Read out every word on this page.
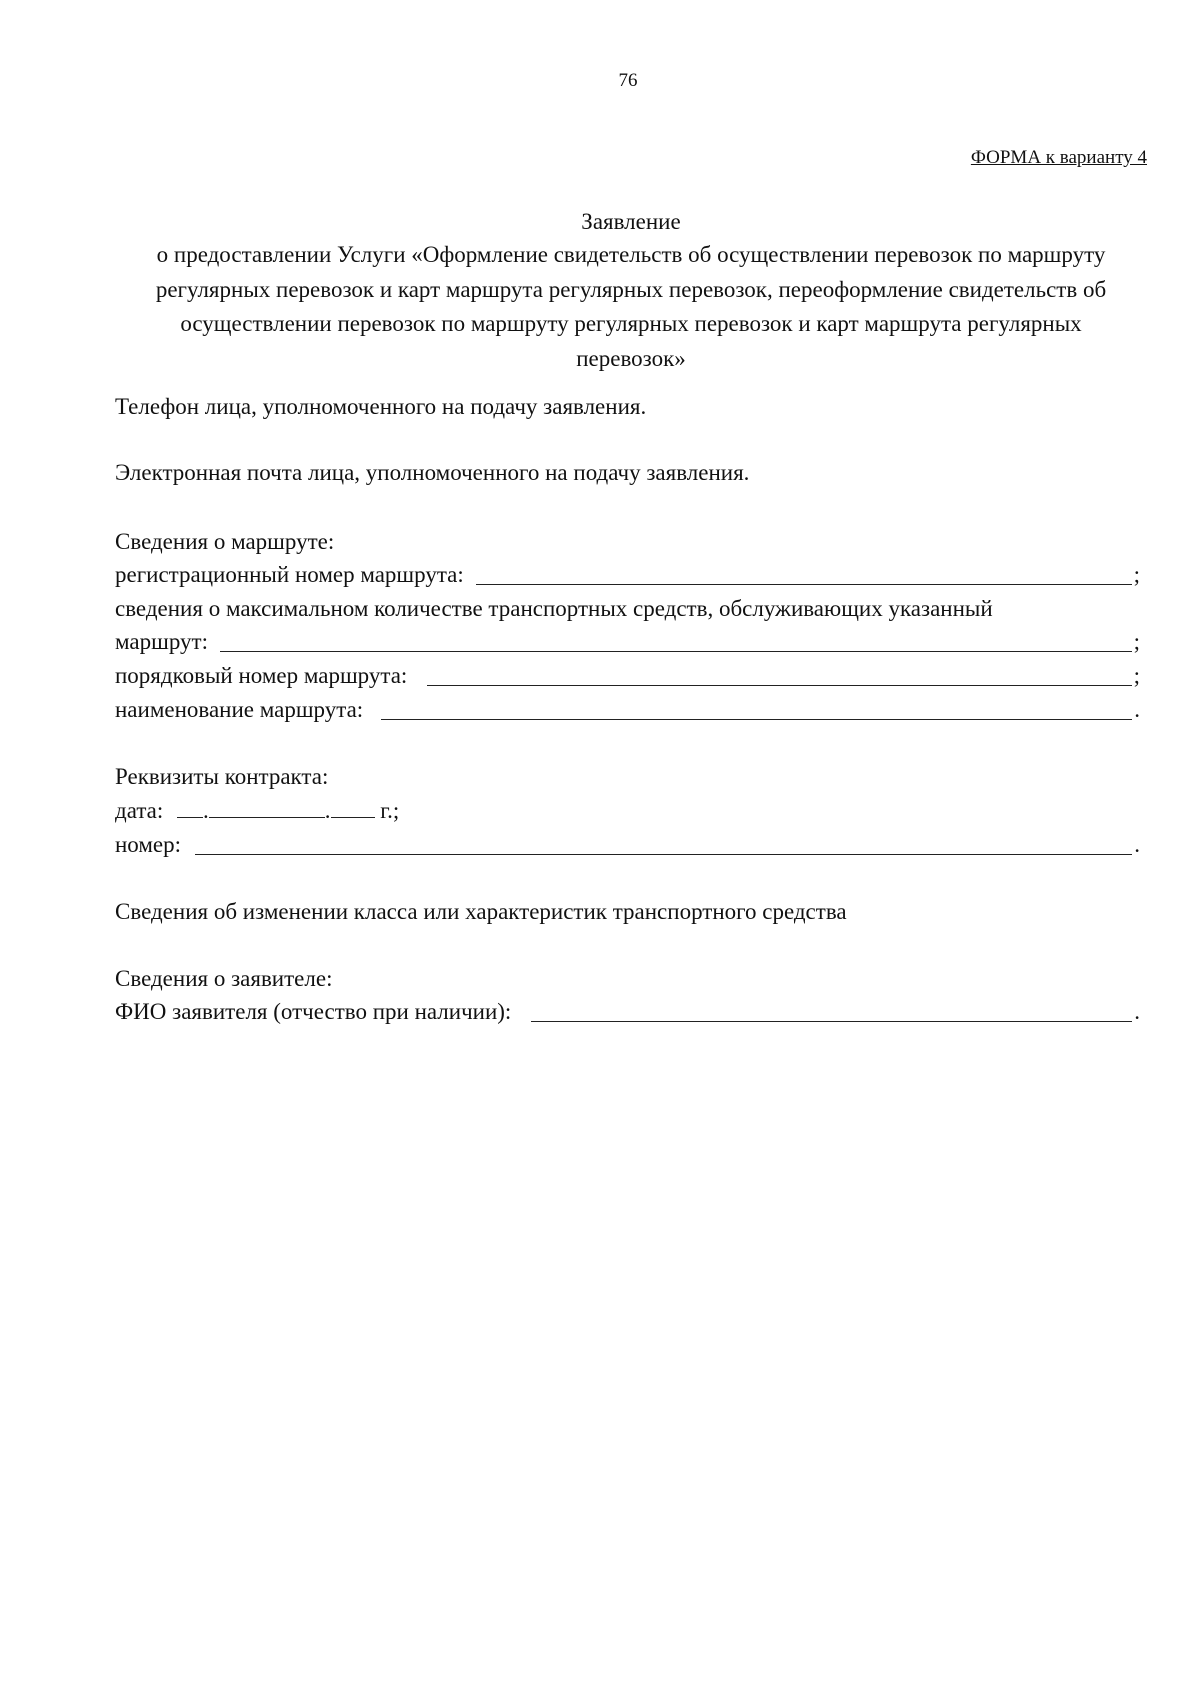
76
ФОРМА к варианту 4
Заявление
о предоставлении Услуги «Оформление свидетельств об осуществлении перевозок по маршруту
регулярных перевозок и карт маршрута регулярных перевозок, переоформление свидетельств об
осуществлении перевозок по маршруту регулярных перевозок и карт маршрута регулярных
перевозок»
Телефон лица, уполномоченного на подачу заявления.
Электронная почта лица, уполномоченного на подачу заявления.
Сведения о маршруте:
регистрационный номер маршрута:	;
сведения о максимальном количестве транспортных средств, обслуживающих указанный
маршрут:	;
порядковый номер маршрута:	;
наименование маршрута:	.
Реквизиты контракта:
дата: .	. г.;
номер:	.
Сведения об изменении класса или характеристик транспортного средства
Сведения о заявителе:
ФИО заявителя (отчество при наличии):	.
